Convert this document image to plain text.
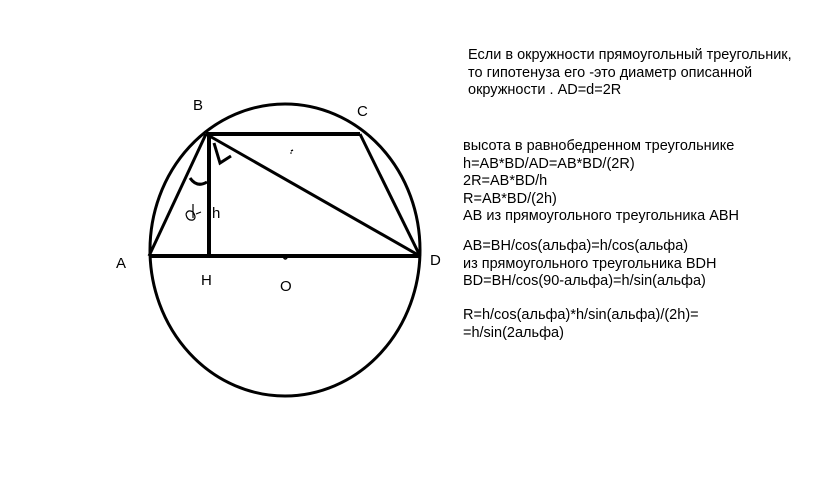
B	C
A	D
H	O
h
Если в окружности прямоугольный треугольник,
то гипотенуза его -это диаметр описанной
окружности . AD=d=2R
высота в равнобедренном треугольнике
h=AB*BD/AD=AB*BD/(2R)
2R=AB*BD/h
R=AB*BD/(2h)
AB из прямоугольного треугольника ABH
AB=BH/cos(альфа)=h/cos(альфа)
из прямоугольного треугольника BDH
BD=BH/cos(90-альфа)=h/sin(альфа)
R=h/cos(альфа)*h/sin(альфа)/(2h)=
=h/sin(2альфа)
